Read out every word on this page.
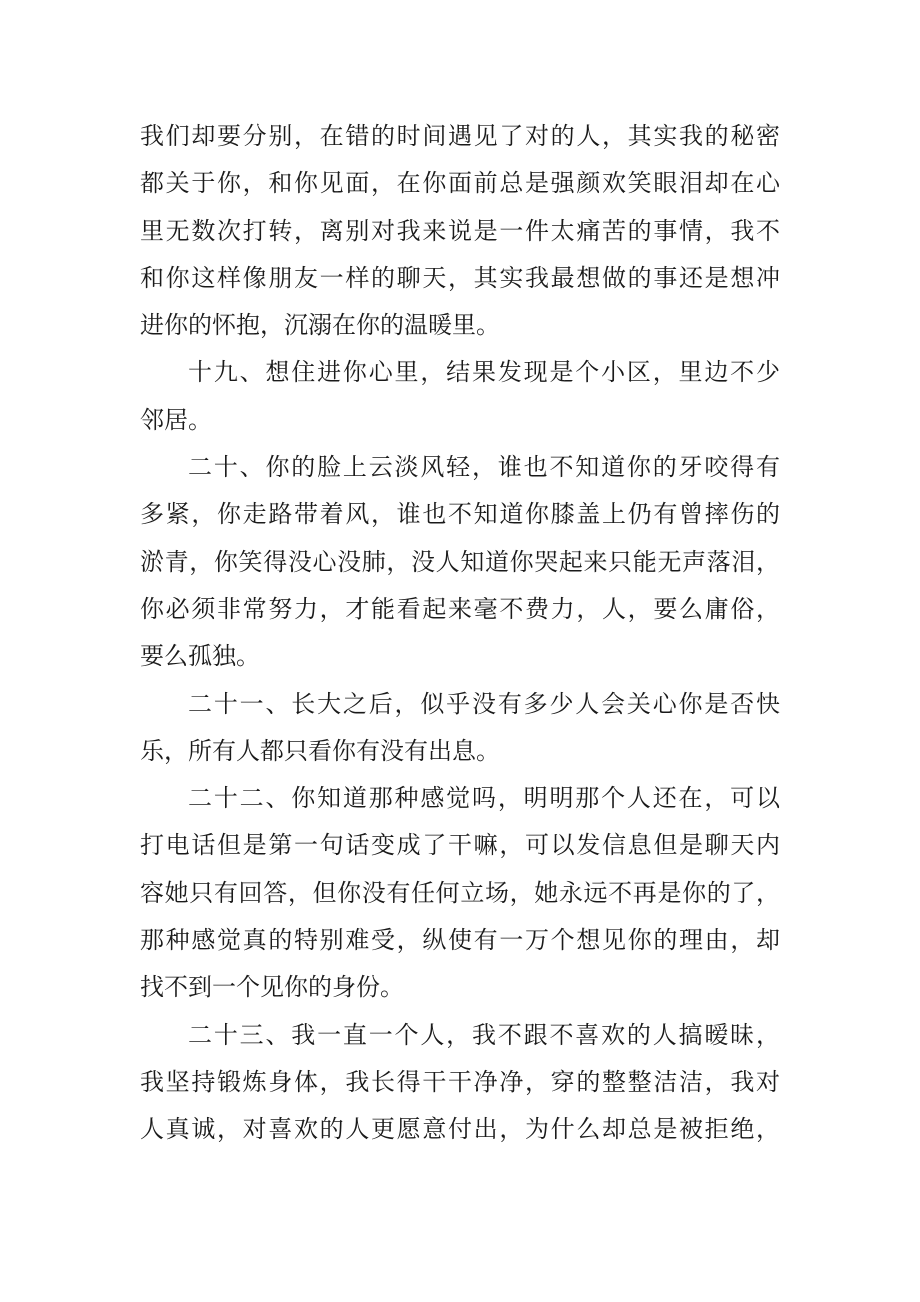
我们却要分别，在错的时间遇见了对的人，其实我的秘密
都关于你，和你见面，在你面前总是强颜欢笑眼泪却在心
里无数次打转，离别对我来说是一件太痛苦的事情，我不
和你这样像朋友一样的聊天，其实我最想做的事还是想冲
进你的怀抱，沉溺在你的温暖里。
十九、想住进你心里，结果发现是个小区，里边不少
邻居。
二十、你的脸上云淡风轻，谁也不知道你的牙咬得有
多紧，你走路带着风，谁也不知道你膝盖上仍有曾摔伤的
淤青，你笑得没心没肺，没人知道你哭起来只能无声落泪，
你必须非常努力，才能看起来毫不费力，人，要么庸俗，
要么孤独。
二十一、长大之后，似乎没有多少人会关心你是否快
乐，所有人都只看你有没有出息。
二十二、你知道那种感觉吗，明明那个人还在，可以
打电话但是第一句话变成了干嘛，可以发信息但是聊天内
容她只有回答，但你没有任何立场，她永远不再是你的了，
那种感觉真的特别难受，纵使有一万个想见你的理由，却
找不到一个见你的身份。
二十三、我一直一个人，我不跟不喜欢的人搞暧昧，
我坚持锻炼身体，我长得干干净净，穿的整整洁洁，我对
人真诚，对喜欢的人更愿意付出，为什么却总是被拒绝，
